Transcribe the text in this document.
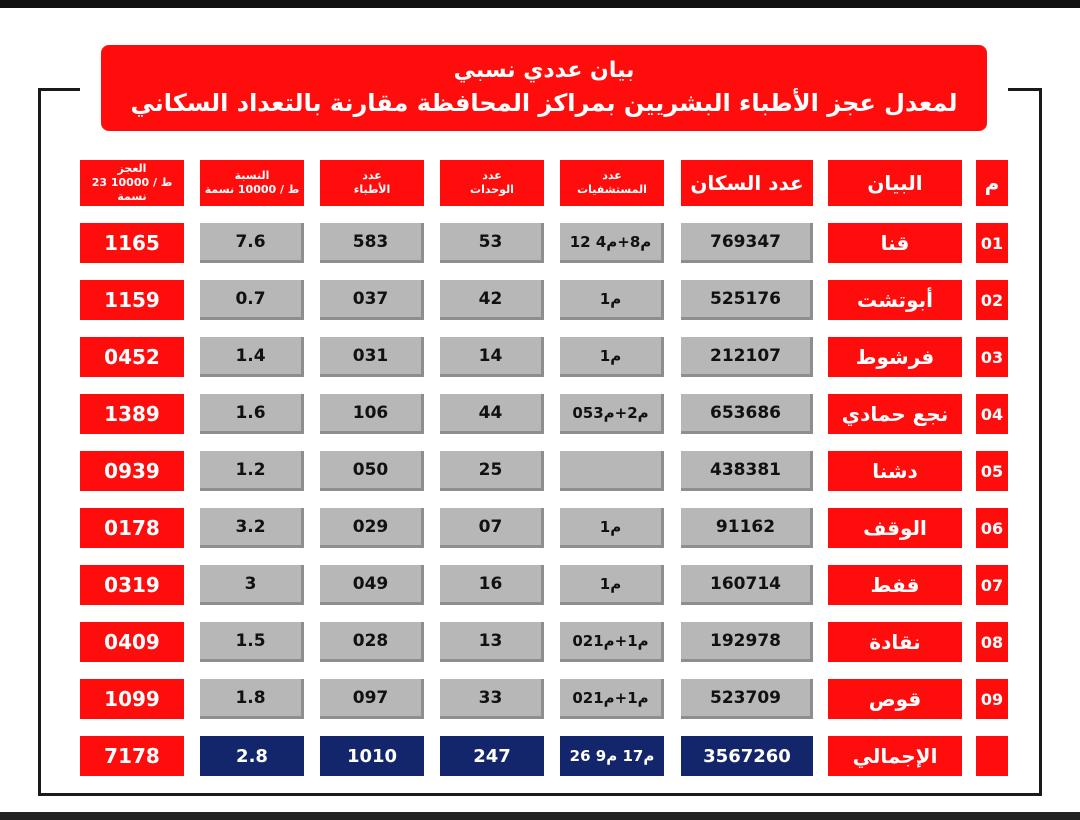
بيان عددي نسبي
لمعدل عجز الأطباء البشريين بمراكز المحافظة مقارنة بالتعداد السكاني
م
البيان
عدد السكان
عدد
المستشفيات
عدد
الوحدات
عدد
الأطباء
النسبة
ط / 10000 نسمة
العجز
23 ط / 10000 نسمة
01
قنا
769347
12 م8+م4
53
583
7.6
1165
02
أبوتشت
525176
م1
42
037
0.7
1159
03
فرشوط
212107
م1
14
031
1.4
0452
04
نجع حمادي
653686
05م2+م3
44
106
1.6
1389
05
دشنا
438381
25
050
1.2
0939
06
الوقف
91162
م1
07
029
3.2
0178
07
قفط
160714
م1
16
049
3
0319
08
نقادة
192978
02م1+م1
13
028
1.5
0409
09
قوص
523709
02م1+م1
33
097
1.8
1099
الإجمالي
3567260
26 م17 م9
247
1010
2.8
7178
